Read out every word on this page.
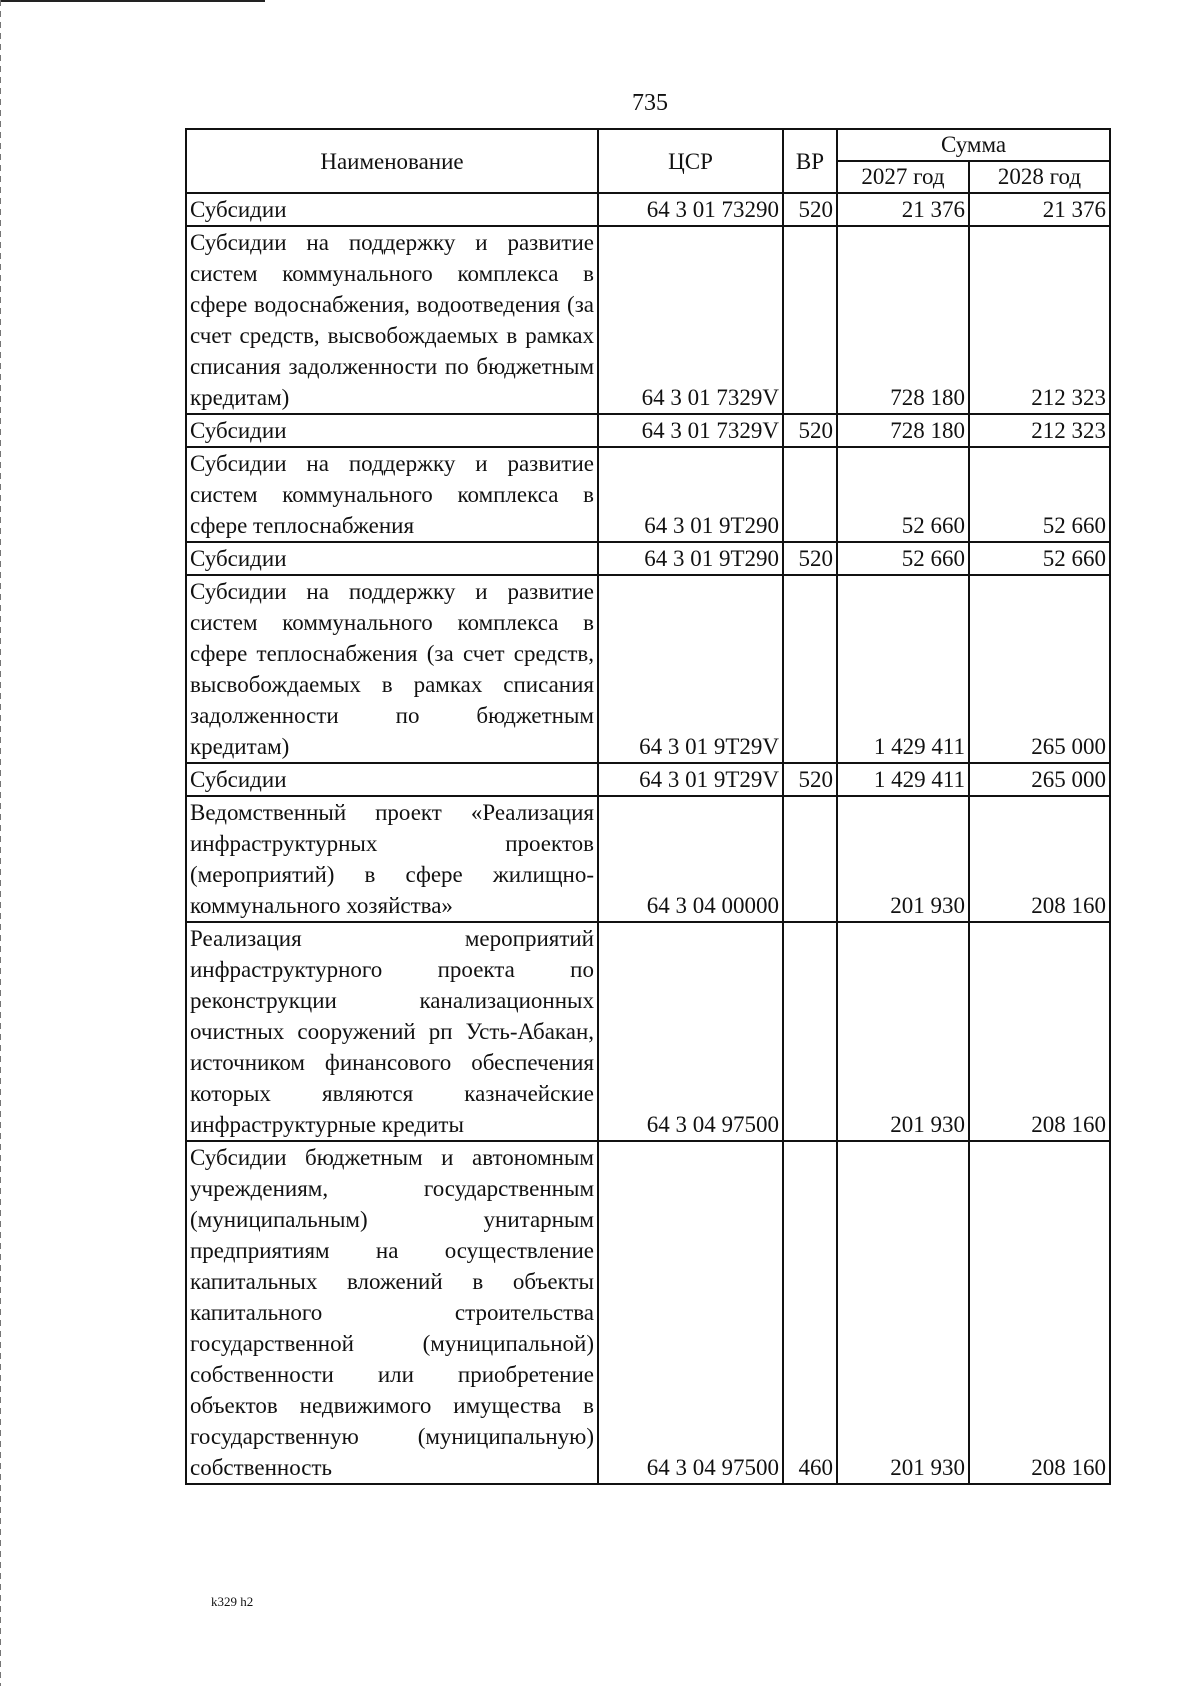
735
Наименование	ЦСР	ВР	Сумма	
			2027 год	2028 год
Субсидии	64 3 01 73290	520	21 376	21 376
Субсидии на поддержку и развитие систем коммунального комплекса в сфере водоснабжения, водоотведения (за счет средств, высвобождаемых в рамках списания задолженности по бюджетным кредитам)	64 3 01 7329V		728 180	212 323
Субсидии	64 3 01 7329V	520	728 180	212 323
Субсидии на поддержку и развитие систем коммунального комплекса в сфере теплоснабжения	64 3 01 9Т290		52 660	52 660
Субсидии	64 3 01 9Т290	520	52 660	52 660
Субсидии на поддержку и развитие систем коммунального комплекса в сфере теплоснабжения (за счет средств, высвобождаемых в рамках списания задолженности по бюджетным кредитам)	64 3 01 9Т29V		1 429 411	265 000
Субсидии	64 3 01 9Т29V	520	1 429 411	265 000
Ведомственный проект «Реализация инфраструктурных проектов (мероприятий) в сфере жилищно-коммунального хозяйства»	64 3 04 00000		201 930	208 160
Реализация мероприятий инфраструктурного проекта по реконструкции канализационных очистных сооружений рп Усть-Абакан, источником финансового обеспечения которых являются казначейские инфраструктурные кредиты	64 3 04 97500		201 930	208 160
Субсидии бюджетным и автономным учреждениям, государственным (муниципальным) унитарным предприятиям на осуществление капитальных вложений в объекты капитального строительства государственной (муниципальной) собственности или приобретение объектов недвижимого имущества в государственную (муниципальную) собственность	64 3 04 97500	460	201 930	208 160
k329 h2
